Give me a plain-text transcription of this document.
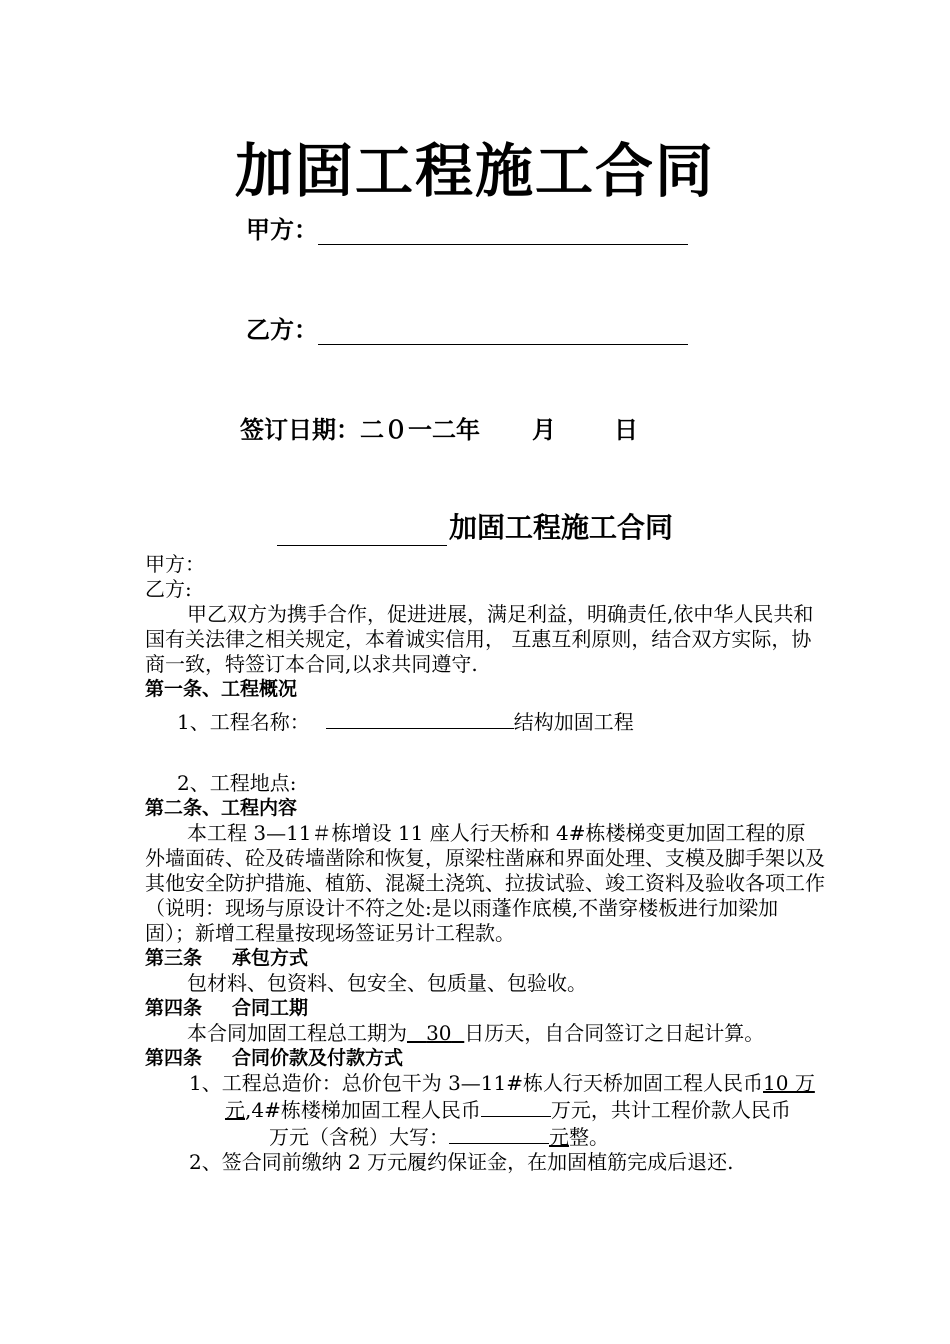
加固工程施工合同
甲方：
乙方：
签订日期：二０一二年 月 日
加固工程施工合同

甲方：

乙方:

甲乙双方为携手合作，促进进展，满足利益，明确责任,依中华人民共和国有关法律之相关规定，本着诚实信用， 互惠互利原则，结合双方实际，协商一致，特签订本合同,以求共同遵守.

第一条、工程概况

1、工程名称：	结构加固工程

2、工程地点:

第二条、工程内容

本工程 3—11＃栋增设 11 座人行天桥和 4#栋楼梯变更加固工程的原外墙面砖、砼及砖墙凿除和恢复，原梁柱凿麻和界面处理、支模及脚手架以及其他安全防护措施、植筋、混凝土浇筑、拉拔试验、竣工资料及验收各项工作（说明：现场与原设计不符之处:是以雨蓬作底模,不凿穿楼板进行加梁加固）；新增工程量按现场签证另计工程款。

第三条 承包方式

包材料、包资料、包安全、包质量、包验收。

第四条 合同工期

本合同加固工程总工期为 30 日历天，自合同签订之日起计算。

第四条 合同价款及付款方式

1、工程总造价：总价包干为 3—11#栋人行天桥加固工程人民币10 万元,4#栋楼梯加固工程人民币	万元，共计工程价款人民币万元（含税）大写：	元整。

2、签合同前缴纳 2 万元履约保证金，在加固植筋完成后退还.
